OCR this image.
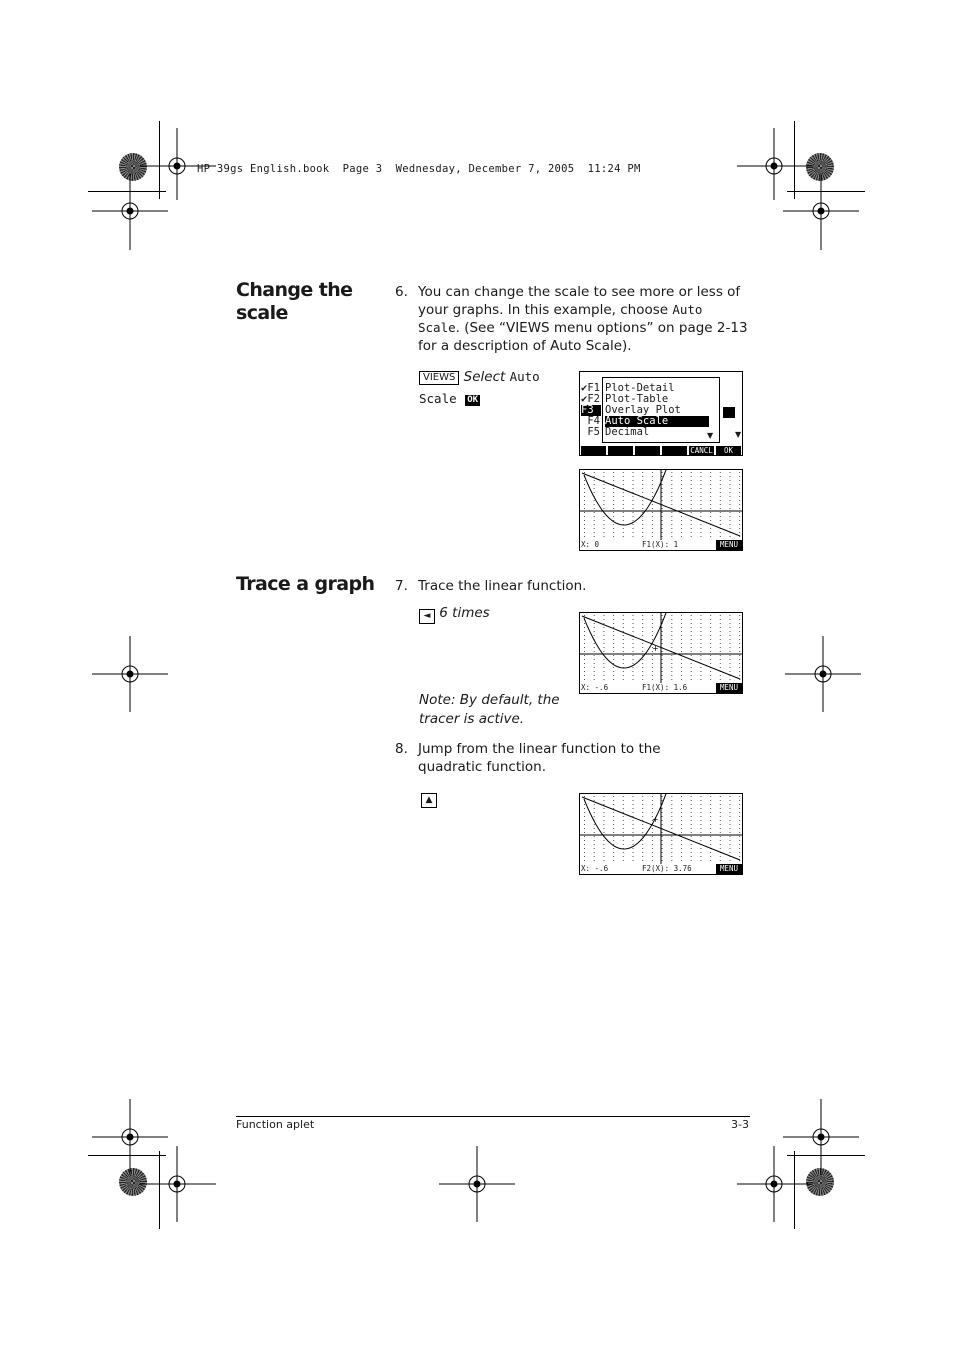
HP 39gs English.book  Page 3  Wednesday, December 7, 2005  11:24 PM
Change the
scale
6. You can change the scale to see more or less of your graphs. In this example, choose Auto Scale. (See “VIEWS menu options” on page 2-13 for a description of Auto Scale).
VIEWS Select Auto
Scale OK
✔F1
✔F2
F3
F4
F5	▼
Plot-Detail
Plot-Table
Overlay Plot
Auto Scale
Decimal	▼
CANCL	OK
X: 0	F1(X): 1	MENU
Trace a graph 7. Trace the linear function.
◄ 6 times
+
X: -.6	F1(X): 1.6	MENU
Note: By default, the
tracer is active.
8. Jump from the linear function to the quadratic function.
▲
+
X: -.6	F2(X): 3.76	MENU
Function aplet	3-3
